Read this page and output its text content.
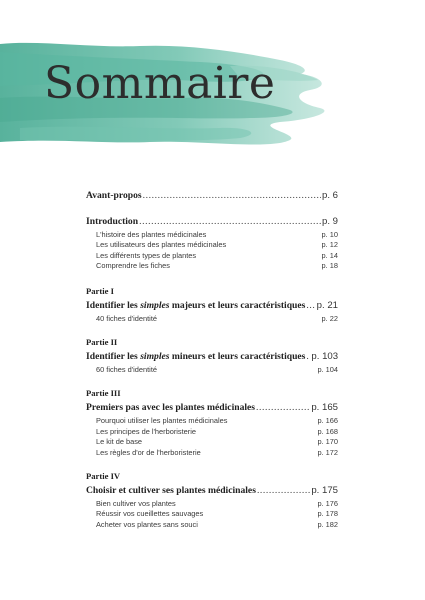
Sommaire
Avant-propos .....	p. 6
Introduction .....	p. 9
L'histoire des plantes médicinales	p. 10
Les utilisateurs des plantes médicinales	p. 12
Les différents types de plantes	p. 14
Comprendre les fiches	p. 18
Partie I
Identifier les simples majeurs et leurs caractéristiques ..... p. 21
40 fiches d'identité	p. 22
Partie II
Identifier les simples mineurs et leurs caractéristiques ..... p. 103
60 fiches d'identité	p. 104
Partie III
Premiers pas avec les plantes médicinales .....	p. 165
Pourquoi utiliser les plantes médicinales	p. 166
Les principes de l'herboristerie	p. 168
Le kit de base	p. 170
Les règles d'or de l'herboristerie	p. 172
Partie IV
Choisir et cultiver ses plantes médicinales .....	p. 175
Bien cultiver vos plantes	p. 176
Réussir vos cueillettes sauvages	p. 178
Acheter vos plantes sans souci	p. 182
